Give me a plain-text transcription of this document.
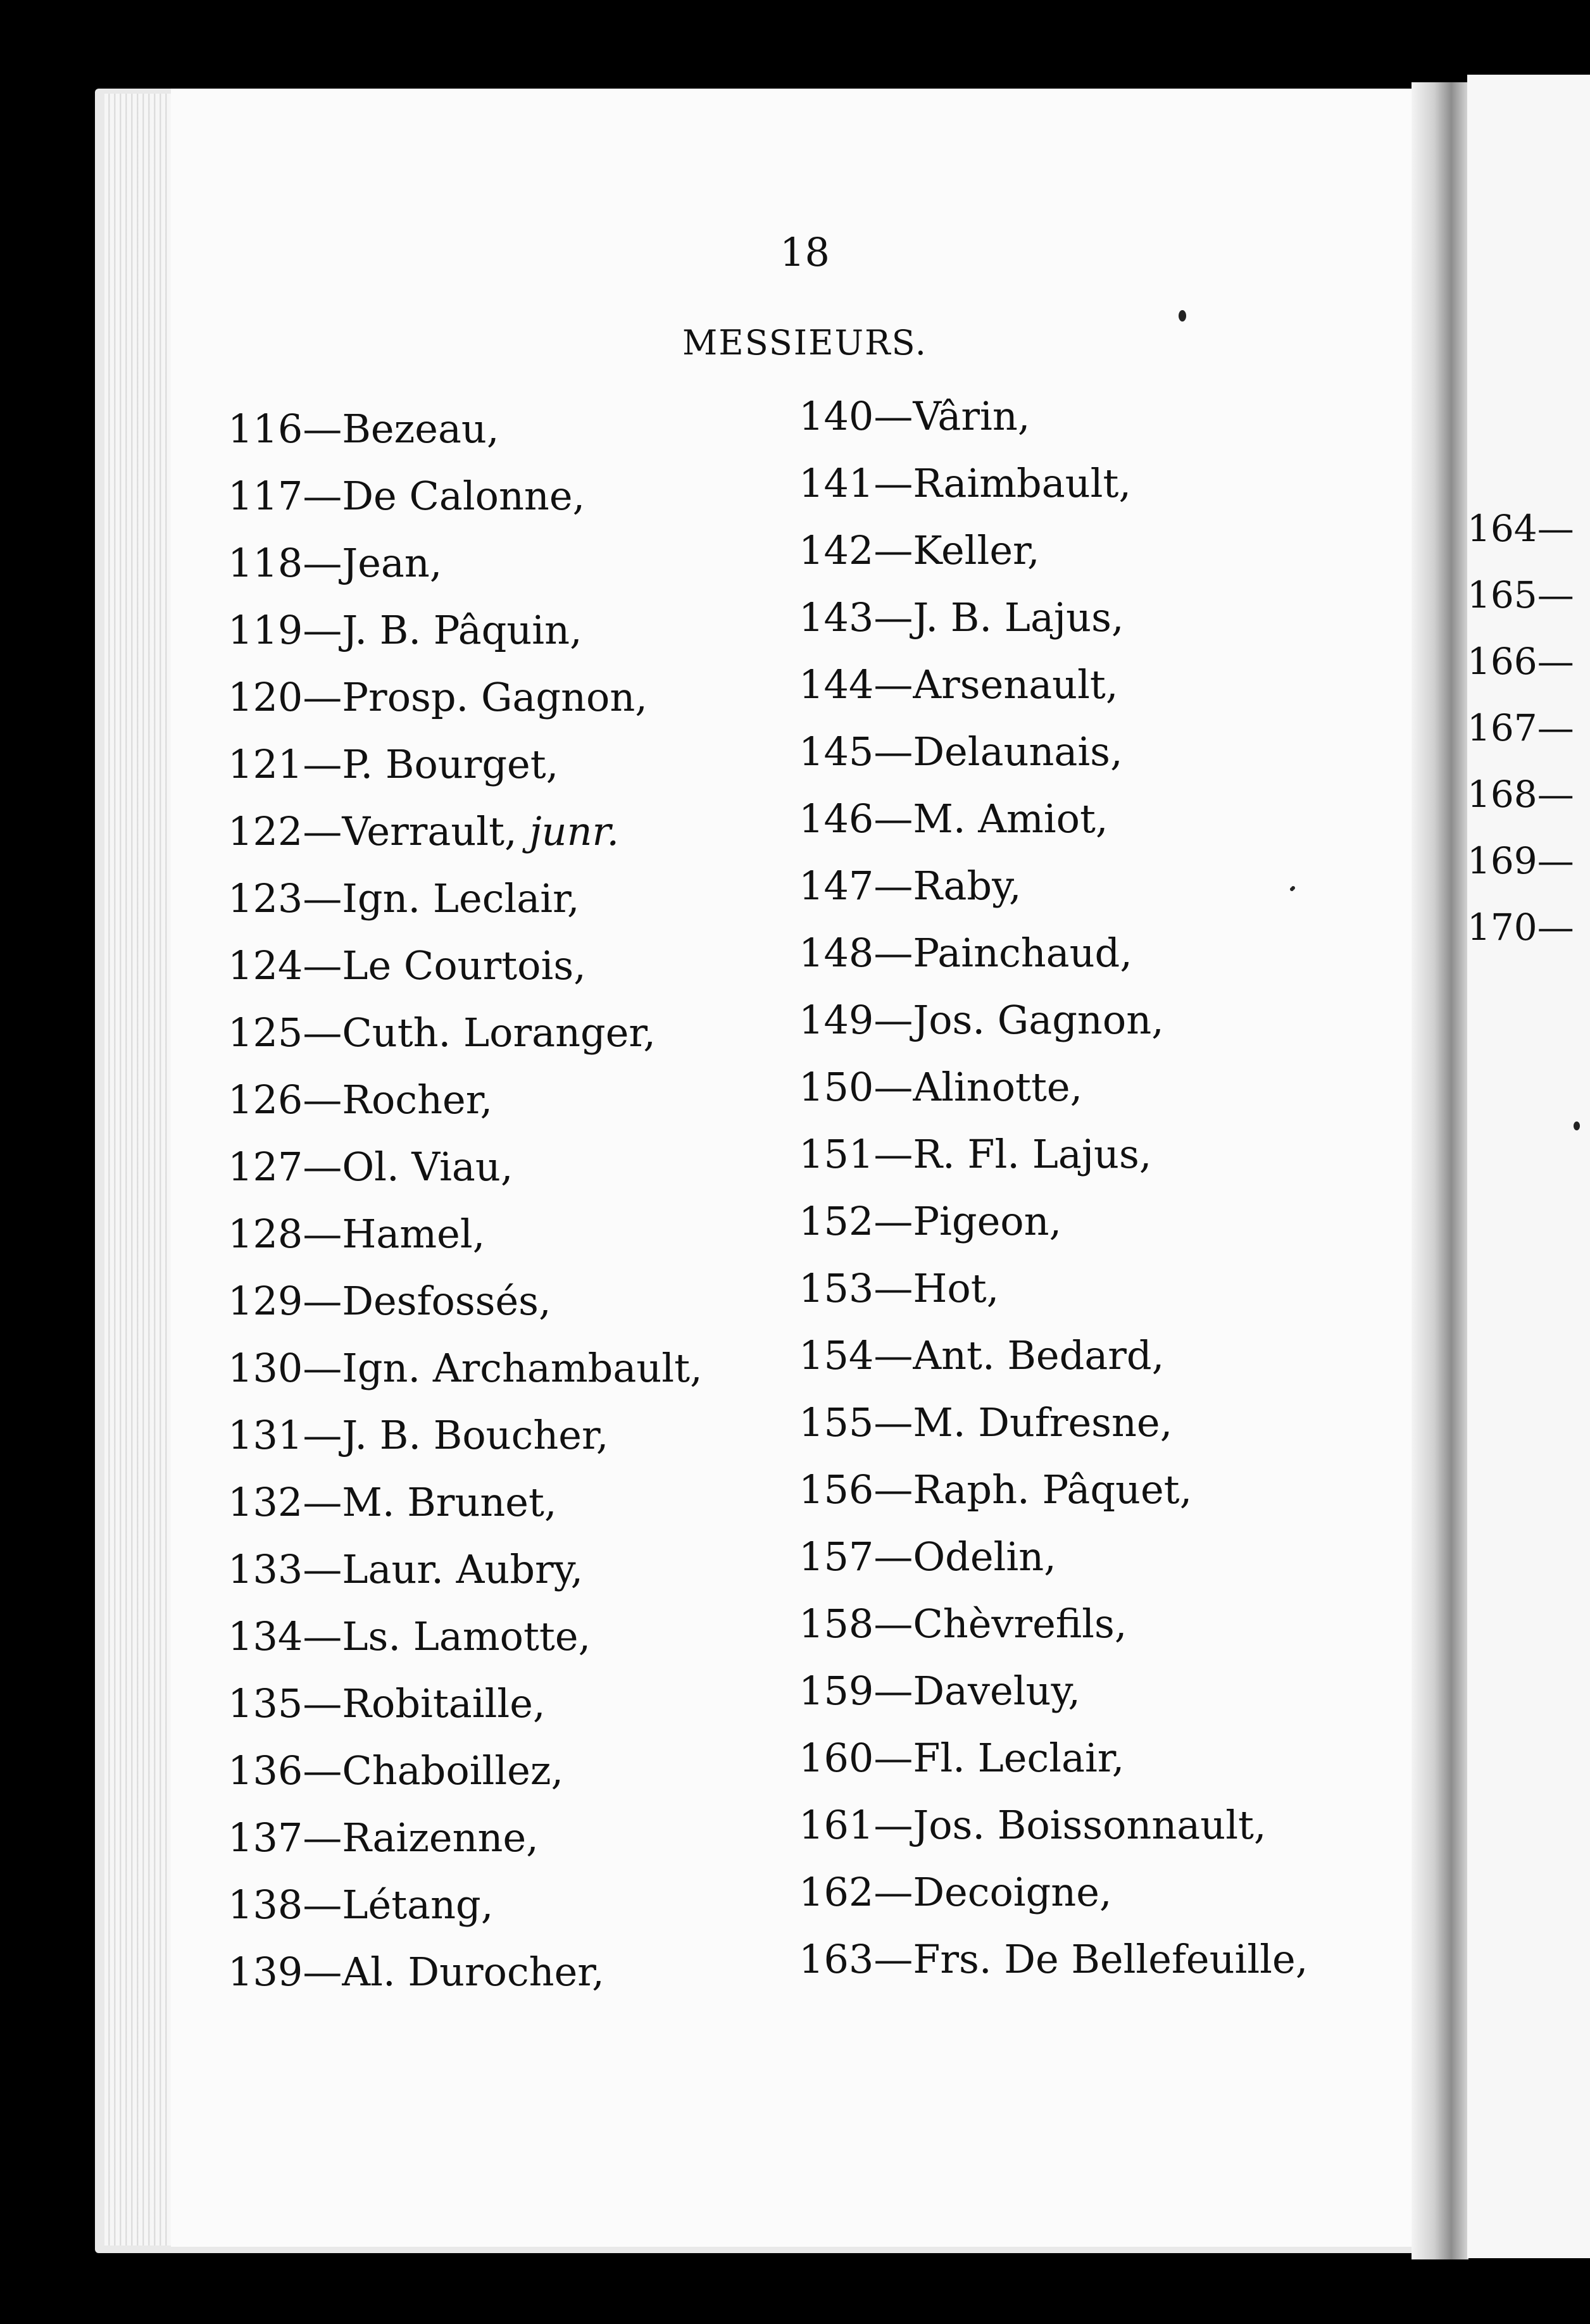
18
MESSIEURS.
116—Bezeau,
117—De Calonne,
118—Jean,
119—J. B. Pâquin,
120—Prosp. Gagnon,
121—P. Bourget,
122—Verrault, junr.
123—Ign. Leclair,
124—Le Courtois,
125—Cuth. Loranger,
126—Rocher,
127—Ol. Viau,
128—Hamel,
129—Desfossés,
130—Ign. Archambault,
131—J. B. Boucher,
132—M. Brunet,
133—Laur. Aubry,
134—Ls. Lamotte,
135—Robitaille,
136—Chaboillez,
137—Raizenne,
138—Létang,
139—Al. Durocher,
140—Vârin,
141—Raimbault,
142—Keller,
143—J. B. Lajus,
144—Arsenault,
145—Delaunais,
146—M. Amiot,
147—Raby,
148—Painchaud,
149—Jos. Gagnon,
150—Alinotte,
151—R. Fl. Lajus,
152—Pigeon,
153—Hot,
154—Ant. Bedard,
155—M. Dufresne,
156—Raph. Pâquet,
157—Odelin,
158—Chèvrefils,
159—Daveluy,
160—Fl. Leclair,
161—Jos. Boissonnault,
162—Decoigne,
163—Frs. De Bellefeuille,
164—
165—
166—
167—
168—
169—
170—
